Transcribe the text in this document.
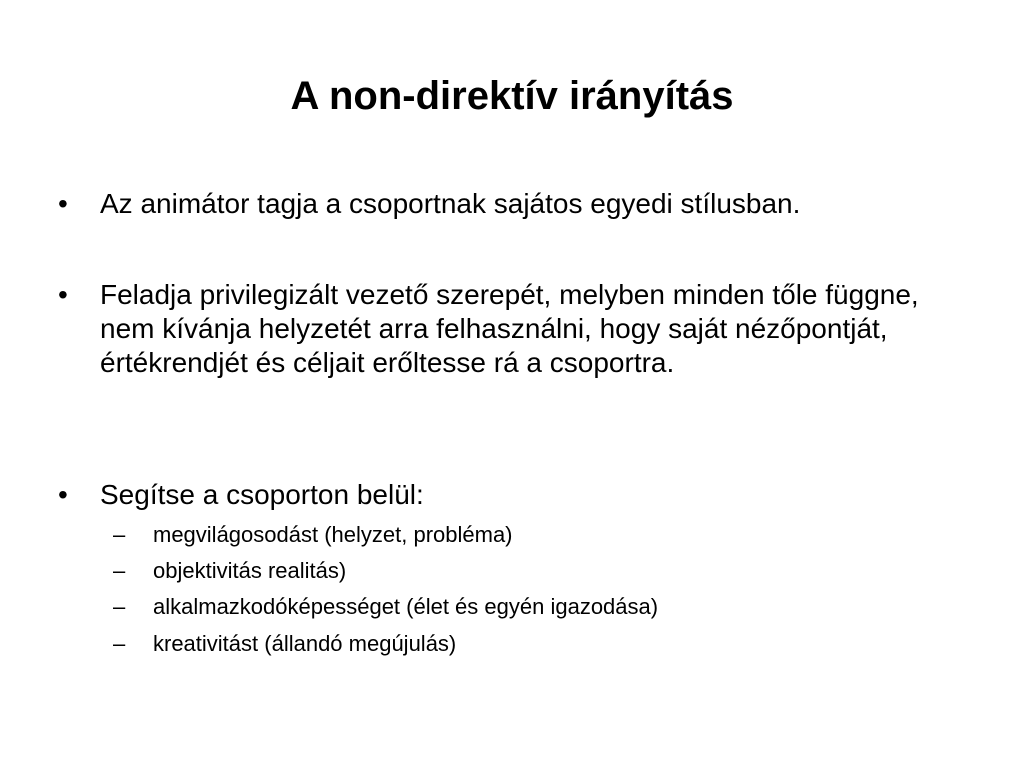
A non-direktív irányítás
•	Az animátor tagja a csoportnak sajátos egyedi stílusban.
•	Feladja privilegizált vezető szerepét, melyben minden tőle függne, nem kívánja helyzetét arra felhasználni, hogy saját nézőpontját, értékrendjét és céljait erőltesse rá a csoportra.
•	Segítse a csoporton belül:
–	megvilágosodást (helyzet, probléma)
–	objektivitás realitás)
–	alkalmazkodóképességet (élet és egyén igazodása)
–	kreativitást (állandó megújulás)
